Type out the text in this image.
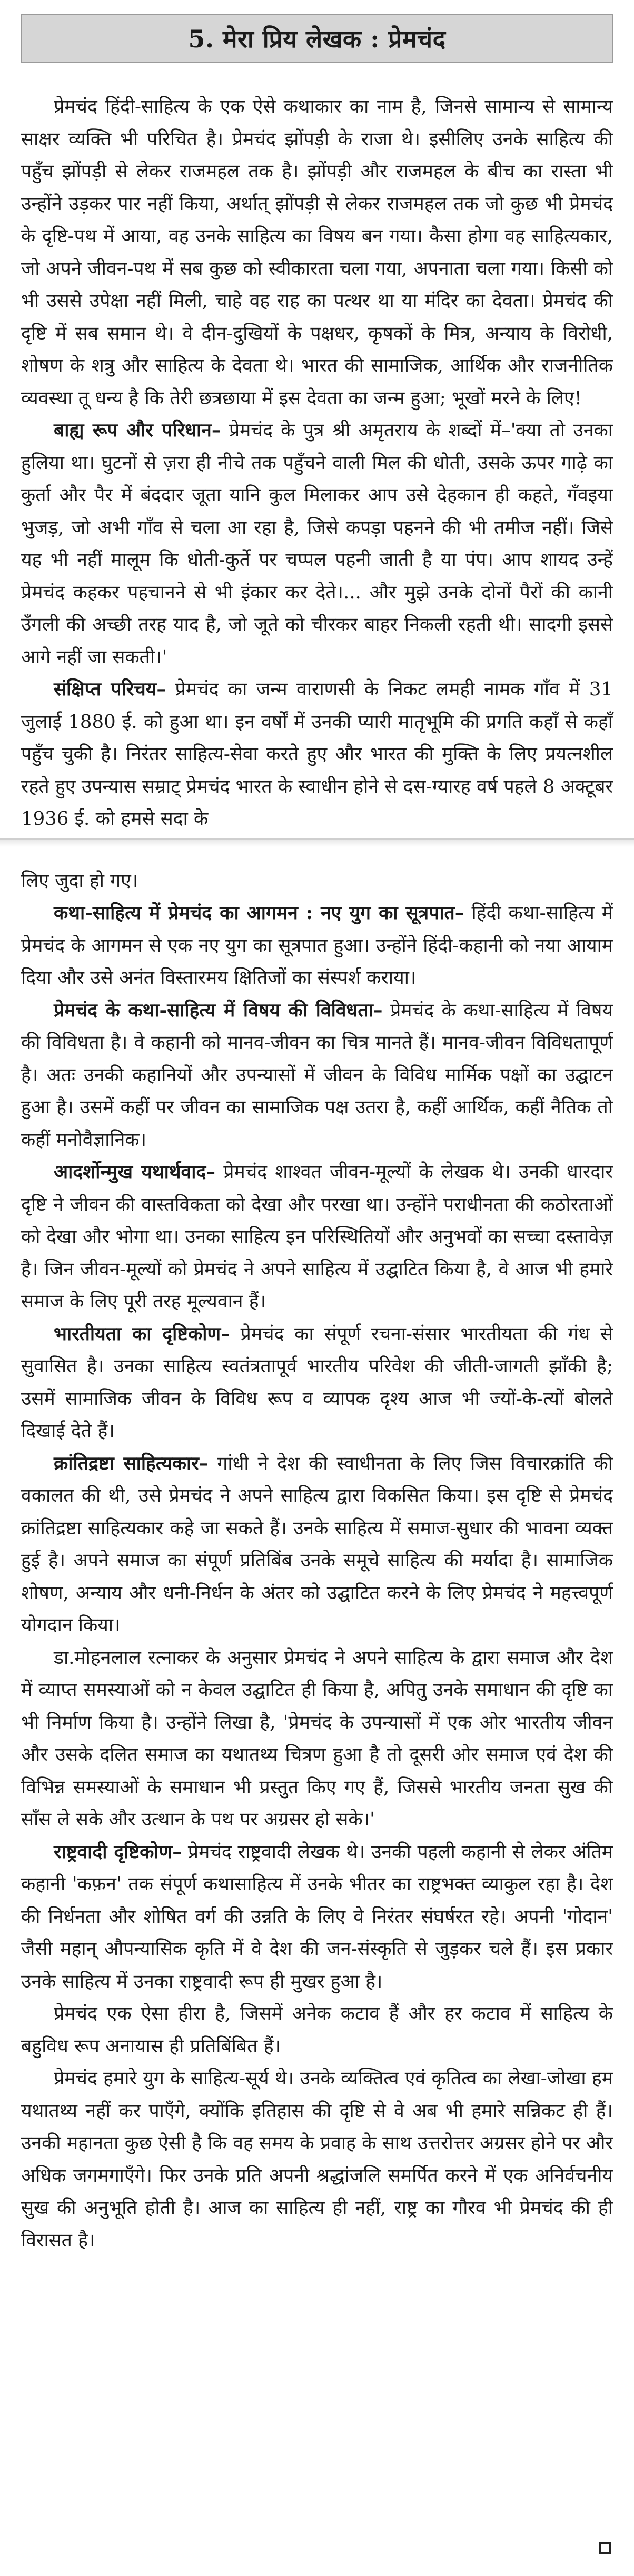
5. मेरा प्रिय लेखक : प्रेमचंद

प्रेमचंद हिंदी-साहित्य के एक ऐसे कथाकार का नाम है, जिनसे सामान्य से सामान्य साक्षर व्यक्ति भी परिचित है। प्रेमचंद झोंपड़ी के राजा थे। इसीलिए उनके साहित्य की पहुँच झोंपड़ी से लेकर राजमहल तक है। झोंपड़ी और राजमहल के बीच का रास्ता भी उन्होंने उड़कर पार नहीं किया, अर्थात् झोंपड़ी से लेकर राजमहल तक जो कुछ भी प्रेमचंद के दृष्टि-पथ में आया, वह उनके साहित्य का विषय बन गया। कैसा होगा वह साहित्यकार, जो अपने जीवन-पथ में सब कुछ को स्वीकारता चला गया, अपनाता चला गया। किसी को भी उससे उपेक्षा नहीं मिली, चाहे वह राह का पत्थर था या मंदिर का देवता। प्रेमचंद की दृष्टि में सब समान थे। वे दीन-दुखियों के पक्षधर, कृषकों के मित्र, अन्याय के विरोधी, शोषण के शत्रु और साहित्य के देवता थे। भारत की सामाजिक, आर्थिक और राजनीतिक व्यवस्था तू धन्य है कि तेरी छत्रछाया में इस देवता का जन्म हुआ; भूखों मरने के लिए!

बाह्य रूप और परिधान– प्रेमचंद के पुत्र श्री अमृतराय के शब्दों में–'क्या तो उनका हुलिया था। घुटनों से ज़रा ही नीचे तक पहुँचने वाली मिल की धोती, उसके ऊपर गाढ़े का कुर्ता और पैर में बंददार जूता यानि कुल मिलाकर आप उसे देहकान ही कहते, गँवइया भुजड़, जो अभी गाँव से चला आ रहा है, जिसे कपड़ा पहनने की भी तमीज नहीं। जिसे यह भी नहीं मालूम कि धोती-कुर्ते पर चप्पल पहनी जाती है या पंप। आप शायद उन्हें प्रेमचंद कहकर पहचानने से भी इंकार कर देते।... और मुझे उनके दोनों पैरों की कानी उँगली की अच्छी तरह याद है, जो जूते को चीरकर बाहर निकली रहती थी। सादगी इससे आगे नहीं जा सकती।'

संक्षिप्त परिचय– प्रेमचंद का जन्म वाराणसी के निकट लमही नामक गाँव में 31 जुलाई 1880 ई. को हुआ था। इन वर्षों में उनकी प्यारी मातृभूमि की प्रगति कहाँ से कहाँ पहुँच चुकी है। निरंतर साहित्य-सेवा करते हुए और भारत की मुक्ति के लिए प्रयत्नशील रहते हुए उपन्यास सम्राट् प्रेमचंद भारत के स्वाधीन होने से दस-ग्यारह वर्ष पहले 8 अक्टूबर 1936 ई. को हमसे सदा के

लिए जुदा हो गए।

कथा-साहित्य में प्रेमचंद का आगमन : नए युग का सूत्रपात– हिंदी कथा-साहित्य में प्रेमचंद के आगमन से एक नए युग का सूत्रपात हुआ। उन्होंने हिंदी-कहानी को नया आयाम दिया और उसे अनंत विस्तारमय क्षितिजों का संस्पर्श कराया।

प्रेमचंद के कथा-साहित्य में विषय की विविधता– प्रेमचंद के कथा-साहित्य में विषय की विविधता है। वे कहानी को मानव-जीवन का चित्र मानते हैं। मानव-जीवन विविधतापूर्ण है। अतः उनकी कहानियों और उपन्यासों में जीवन के विविध मार्मिक पक्षों का उद्घाटन हुआ है। उसमें कहीं पर जीवन का सामाजिक पक्ष उतरा है, कहीं आर्थिक, कहीं नैतिक तो कहीं मनोवैज्ञानिक।

आदर्शोन्मुख यथार्थवाद– प्रेमचंद शाश्वत जीवन-मूल्यों के लेखक थे। उनकी धारदार दृष्टि ने जीवन की वास्तविकता को देखा और परखा था। उन्होंने पराधीनता की कठोरताओं को देखा और भोगा था। उनका साहित्य इन परिस्थितियों और अनुभवों का सच्चा दस्तावेज़ है। जिन जीवन-मूल्यों को प्रेमचंद ने अपने साहित्य में उद्घाटित किया है, वे आज भी हमारे समाज के लिए पूरी तरह मूल्यवान हैं।

भारतीयता का दृष्टिकोण– प्रेमचंद का संपूर्ण रचना-संसार भारतीयता की गंध से सुवासित है। उनका साहित्य स्वतंत्रतापूर्व भारतीय परिवेश की जीती-जागती झाँकी है; उसमें सामाजिक जीवन के विविध रूप व व्यापक दृश्य आज भी ज्यों-के-त्यों बोलते दिखाई देते हैं।

क्रांतिद्रष्टा साहित्यकार– गांधी ने देश की स्वाधीनता के लिए जिस विचारक्रांति की वकालत की थी, उसे प्रेमचंद ने अपने साहित्य द्वारा विकसित किया। इस दृष्टि से प्रेमचंद क्रांतिद्रष्टा साहित्यकार कहे जा सकते हैं। उनके साहित्य में समाज-सुधार की भावना व्यक्त हुई है। अपने समाज का संपूर्ण प्रतिबिंब उनके समूचे साहित्य की मर्यादा है। सामाजिक शोषण, अन्याय और धनी-निर्धन के अंतर को उद्घाटित करने के लिए प्रेमचंद ने महत्त्वपूर्ण योगदान किया।

डा.मोहनलाल रत्नाकर के अनुसार प्रेमचंद ने अपने साहित्य के द्वारा समाज और देश में व्याप्त समस्याओं को न केवल उद्घाटित ही किया है, अपितु उनके समाधान की दृष्टि का भी निर्माण किया है। उन्होंने लिखा है, 'प्रेमचंद के उपन्यासों में एक ओर भारतीय जीवन और उसके दलित समाज का यथातथ्य चित्रण हुआ है तो दूसरी ओर समाज एवं देश की विभिन्न समस्याओं के समाधान भी प्रस्तुत किए गए हैं, जिससे भारतीय जनता सुख की साँस ले सके और उत्थान के पथ पर अग्रसर हो सके।'

राष्ट्रवादी दृष्टिकोण– प्रेमचंद राष्ट्रवादी लेखक थे। उनकी पहली कहानी से लेकर अंतिम कहानी 'कफ़न' तक संपूर्ण कथासाहित्य में उनके भीतर का राष्ट्रभक्त व्याकुल रहा है। देश की निर्धनता और शोषित वर्ग की उन्नति के लिए वे निरंतर संघर्षरत रहे। अपनी 'गोदान' जैसी महान् औपन्यासिक कृति में वे देश की जन-संस्कृति से जुड़कर चले हैं। इस प्रकार उनके साहित्य में उनका राष्ट्रवादी रूप ही मुखर हुआ है।

प्रेमचंद एक ऐसा हीरा है, जिसमें अनेक कटाव हैं और हर कटाव में साहित्य के बहुविध रूप अनायास ही प्रतिबिंबित हैं।

प्रेमचंद हमारे युग के साहित्य-सूर्य थे। उनके व्यक्तित्व एवं कृतित्व का लेखा-जोखा हम यथातथ्य नहीं कर पाएँगे, क्योंकि इतिहास की दृष्टि से वे अब भी हमारे सन्निकट ही हैं। उनकी महानता कुछ ऐसी है कि वह समय के प्रवाह के साथ उत्तरोत्तर अग्रसर होने पर और अधिक जगमगाएँगे। फिर उनके प्रति अपनी श्रद्धांजलि समर्पित करने में एक अनिर्वचनीय सुख की अनुभूति होती है। आज का साहित्य ही नहीं, राष्ट्र का गौरव भी प्रेमचंद की ही विरासत है।
